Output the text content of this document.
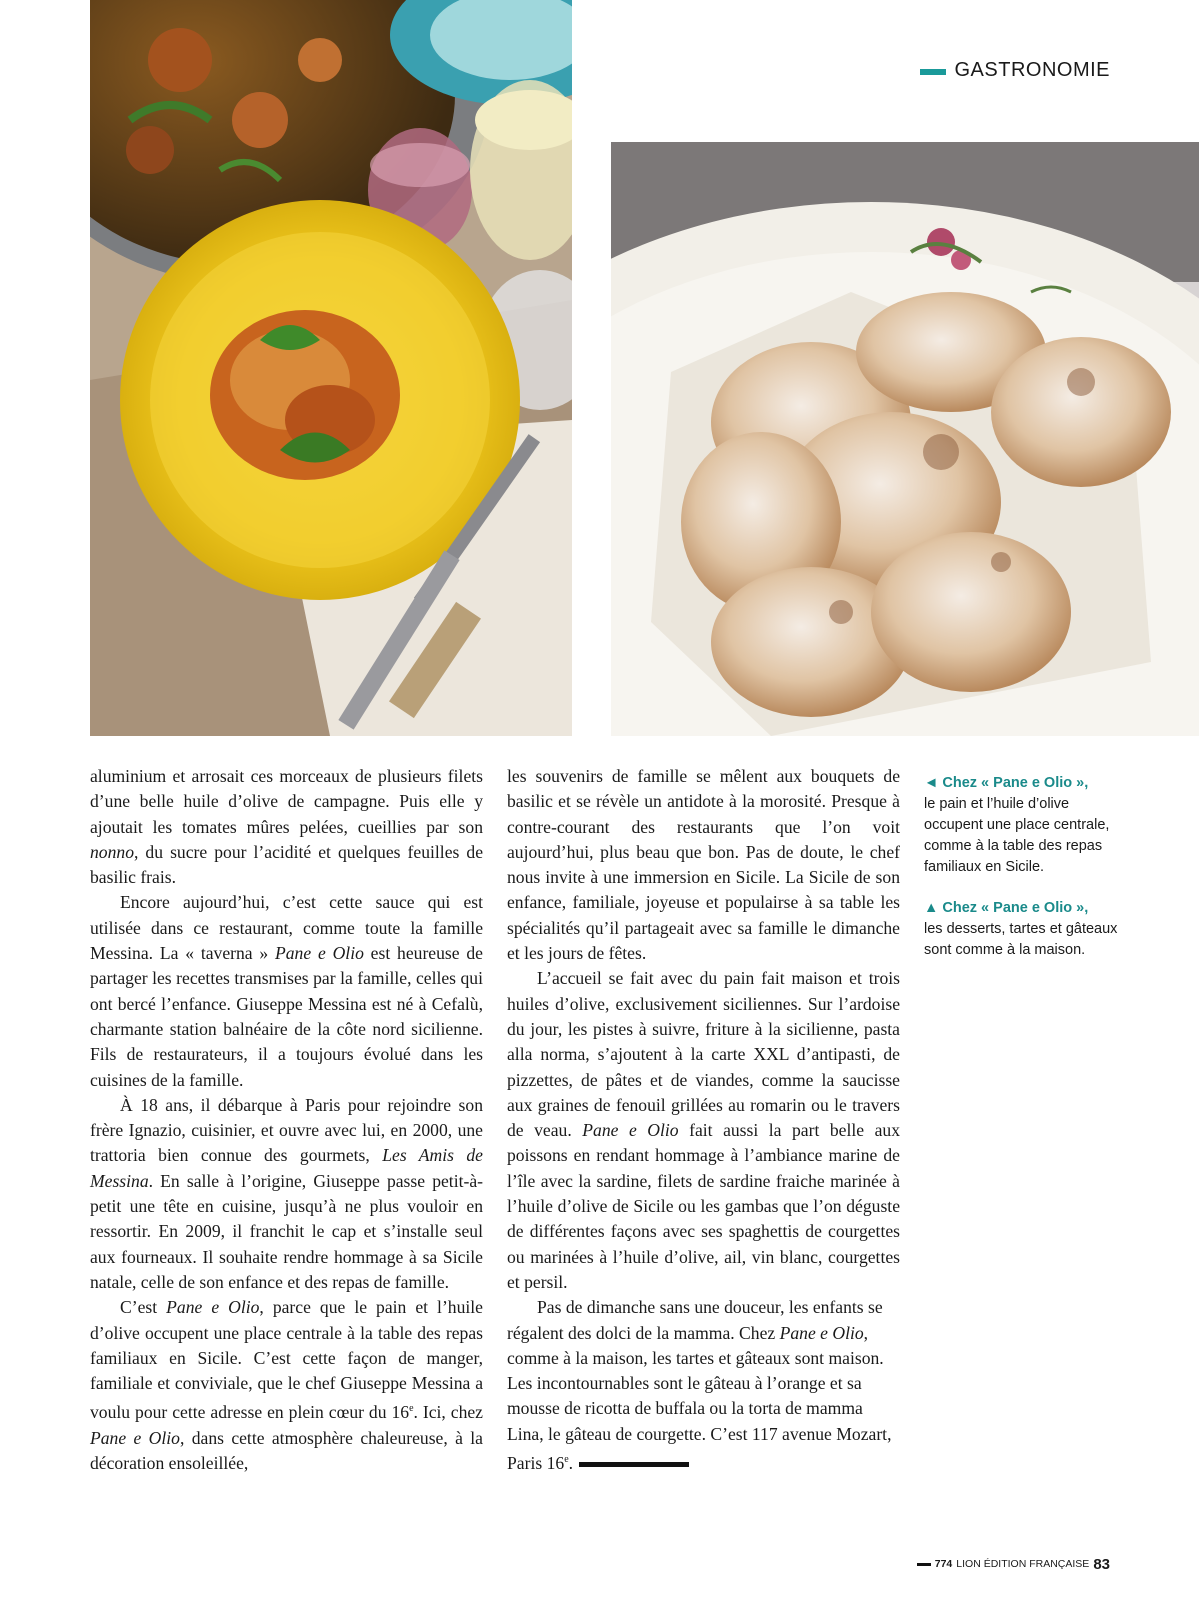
GASTRONOMIE

aluminium et arrosait ces morceaux de plusieurs filets d’une belle huile d’olive de campagne. Puis elle y ajoutait les tomates mûres pelées, cueillies par son nonno, du sucre pour l’acidité et quelques feuilles de basilic frais.

Encore aujourd’hui, c’est cette sauce qui est utilisée dans ce restaurant, comme toute la famille Messina. La « taverna » Pane e Olio est heureuse de partager les recettes transmises par la famille, celles qui ont bercé l’enfance. Giuseppe Messina est né à Cefalù, charmante station balnéaire de la côte nord sicilienne. Fils de restaurateurs, il a toujours évolué dans les cuisines de la famille.

À 18 ans, il débarque à Paris pour rejoindre son frère Ignazio, cuisinier, et ouvre avec lui, en 2000, une trattoria bien connue des gourmets, Les Amis de Messina. En salle à l’origine, Giuseppe passe petit-à-petit une tête en cuisine, jusqu’à ne plus vouloir en ressortir. En 2009, il franchit le cap et s’installe seul aux fourneaux. Il souhaite rendre hommage à sa Sicile natale, celle de son enfance et des repas de famille.

C’est Pane e Olio, parce que le pain et l’huile d’olive occupent une place centrale à la table des repas familiaux en Sicile. C’est cette façon de manger, familiale et conviviale, que le chef Giuseppe Messina a voulu pour cette adresse en plein cœur du 16e. Ici, chez Pane e Olio, dans cette atmosphère chaleureuse, à la décoration ensoleillée,

les souvenirs de famille se mêlent aux bouquets de basilic et se révèle un antidote à la morosité. Presque à contre-courant des restaurants que l’on voit aujourd’hui, plus beau que bon. Pas de doute, le chef nous invite à une immersion en Sicile. La Sicile de son enfance, familiale, joyeuse et populairse à sa table les spécialités qu’il partageait avec sa famille le dimanche et les jours de fêtes.

L’accueil se fait avec du pain fait maison et trois huiles d’olive, exclusivement siciliennes. Sur l’ardoise du jour, les pistes à suivre, friture à la sicilienne, pasta alla norma, s’ajoutent à la carte XXL d’antipasti, de pizzettes, de pâtes et de viandes, comme la saucisse aux graines de fenouil grillées au romarin ou le travers de veau. Pane e Olio fait aussi la part belle aux poissons en rendant hommage à l’ambiance marine de l’île avec la sardine, filets de sardine fraiche marinée à l’huile d’olive de Sicile ou les gambas que l’on déguste de différentes façons avec ses spaghettis de courgettes ou marinées à l’huile d’olive, ail, vin blanc, courgettes et persil.

Pas de dimanche sans une douceur, les enfants se régalent des dolci de la mamma. Chez Pane e Olio, comme à la maison, les tartes et gâteaux sont maison. Les incontournables sont le gâteau à l’orange et sa mousse de ricotta de buffala ou la torta de mamma Lina, le gâteau de courgette. C’est 117 avenue Mozart, Paris 16e.

◄ Chez « Pane e Olio »,
le pain et l’huile d’olive occupent une place centrale, comme à la table des repas familiaux en Sicile.
▲ Chez « Pane e Olio »,
les desserts, tartes et gâteaux sont comme à la maison.
774 LION ÉDITION FRANÇAISE 83
